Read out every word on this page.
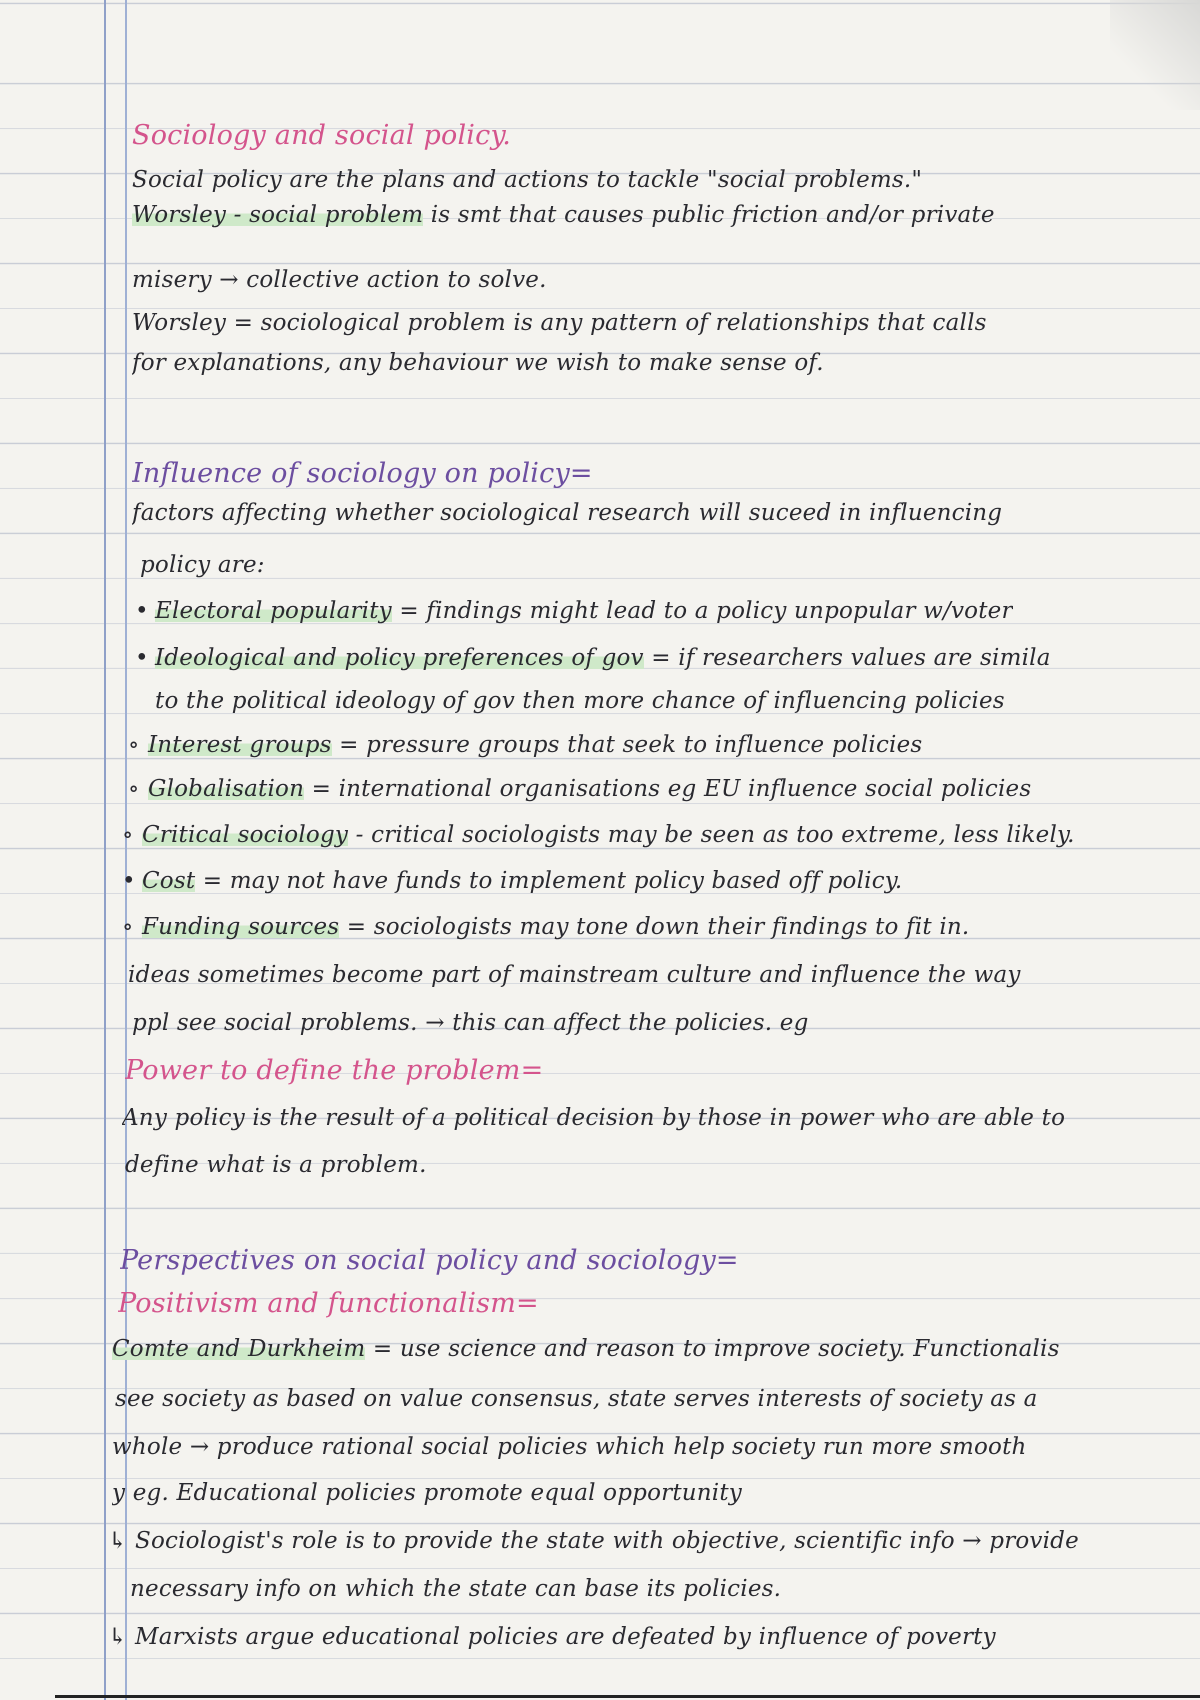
Sociology and social policy.
Social policy are the plans and actions to tackle "social problems."
Worsley - social problem is smt that causes public friction and/or private
misery → collective action to solve.
Worsley = sociological problem is any pattern of relationships that calls
for explanations, any behaviour we wish to make sense of.
Influence of sociology on policy=
factors affecting whether sociological research will suceed in influencing
policy are:
• Electoral popularity = findings might lead to a policy unpopular w/voter
• Ideological and policy preferences of gov = if researchers values are simila
to the political ideology of gov then more chance of influencing policies
∘ Interest groups = pressure groups that seek to influence policies
∘ Globalisation = international organisations eg EU influence social policies
∘ Critical sociology - critical sociologists may be seen as too extreme, less likely.
• Cost = may not have funds to implement policy based off policy.
∘ Funding sources = sociologists may tone down their findings to fit in.
ideas sometimes become part of mainstream culture and influence the way
ppl see social problems. → this can affect the policies. eg
Power to define the problem=
Any policy is the result of a political decision by those in power who are able to
define what is a problem.
Perspectives on social policy and sociology=
Positivism and functionalism=
Comte and Durkheim = use science and reason to improve society. Functionalis
see society as based on value consensus, state serves interests of society as a
whole → produce rational social policies which help society run more smooth
y eg. Educational policies promote equal opportunity
↳ Sociologist's role is to provide the state with objective, scientific info → provide
necessary info on which the state can base its policies.
↳ Marxists argue educational policies are defeated by influence of poverty
